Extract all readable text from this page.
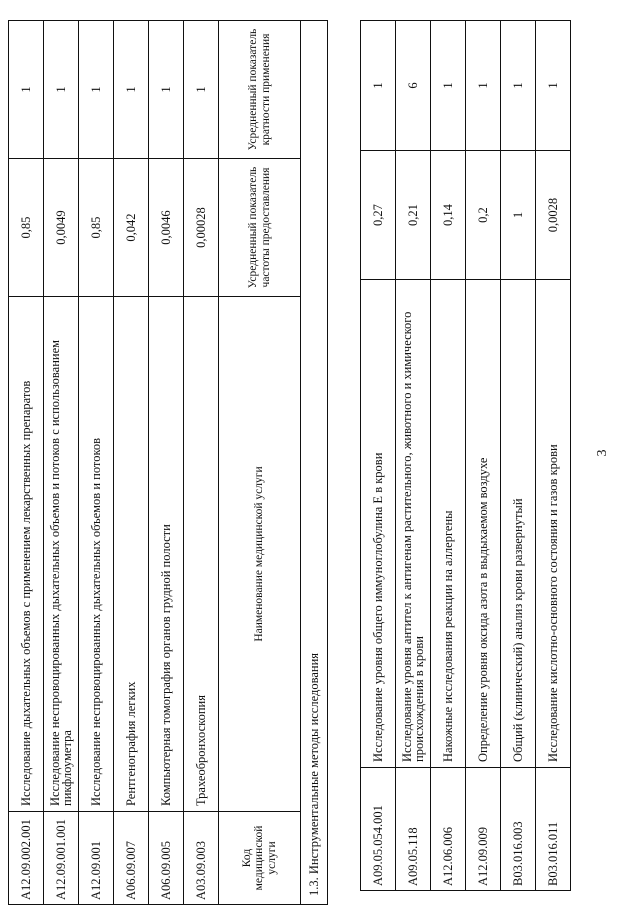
3
A09.05.054.001	Исследование уровня общего иммуноглобулина Е в крови	0,27	1
A09.05.118	Исследование уровня антител к антигенам растительного, животного и химического происхождения в крови	0,21	6
A12.06.006	Накожные исследования реакции на аллергены	0,14	1
A12.09.009	Определение уровня оксида азота в выдыхаемом воздухе	0,2	1
B03.016.003	Общий (клинический) анализ крови развернутый	1	1
B03.016.011	Исследование кислотно-основного состояния и газов крови	0,0028	1
A12.09.002.001	Исследование дыхательных объемов с применением лекарственных препаратов	0,85	1
A12.09.001.001	Исследование неспровоцированных дыхательных объемов и потоков с использованием пикфлоуметра	0,0049	1
A12.09.001	Исследование неспровоцированных дыхательных объемов и потоков	0,85	1
A06.09.007	Рентгенография легких	0,042	1
A06.09.005	Компьютерная томография органов грудной полости	0,0046	1
A03.09.003	Трахеобронхоскопия	0,00028	1
Код медицинской услуги	Наименование медицинской услуги	Усредненный показатель частоты предоставления	Усредненный показатель кратности применения
1.3. Инструментальные методы исследования			
